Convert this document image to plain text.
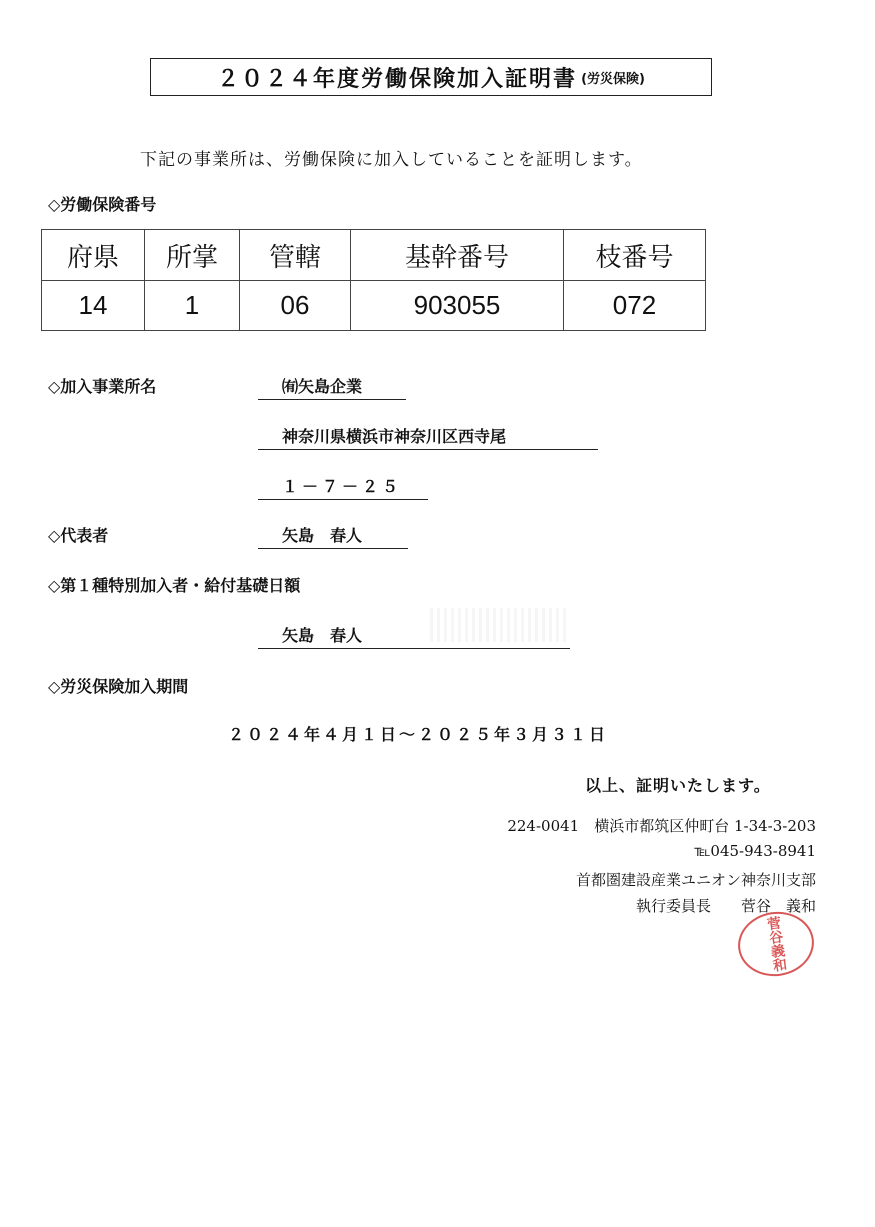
２０２４年度労働保険加入証明書 (労災保険)
下記の事業所は、労働保険に加入していることを証明します。
◇労働保険番号
府県	所掌	管轄	基幹番号	枝番号
14	1	06	903055	072
◇加入事業所名	㈲矢島企業
神奈川県横浜市神奈川区西寺尾
１－７－２５
◇代表者	矢島　春人
◇第１種特別加入者・給付基礎日額
矢島　春人
◇労災保険加入期間
２０２４年４月１日～２０２５年３月３１日
以上、証明いたします。
224-0041　横浜市都筑区仲町台 1-34-3-203
℡045-943-8941
首都圏建設産業ユニオン神奈川支部
執行委員長　　菅谷　義和
菅谷義和
